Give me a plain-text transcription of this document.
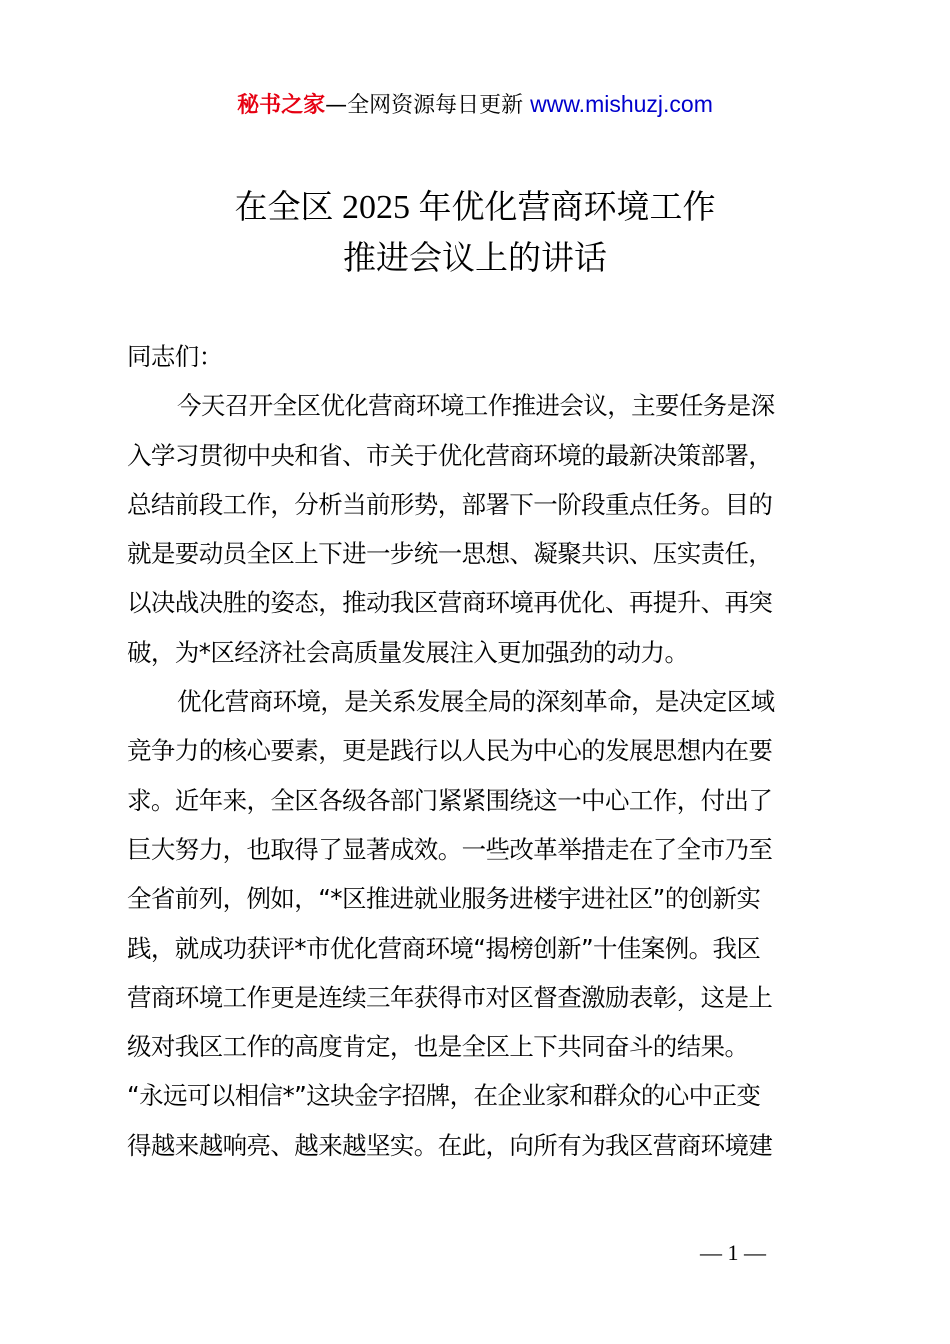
秘书之家—全网资源每日更新 www.mishuzj.com
在全区 2025 年优化营商环境工作
推进会议上的讲话
同志们：
今天召开全区优化营商环境工作推进会议，主要任务是深
入学习贯彻中央和省、市关于优化营商环境的最新决策部署，
总结前段工作，分析当前形势，部署下一阶段重点任务。目的
就是要动员全区上下进一步统一思想、凝聚共识、压实责任，
以决战决胜的姿态，推动我区营商环境再优化、再提升、再突
破，为*区经济社会高质量发展注入更加强劲的动力。
优化营商环境，是关系发展全局的深刻革命，是决定区域
竞争力的核心要素，更是践行以人民为中心的发展思想内在要
求。近年来，全区各级各部门紧紧围绕这一中心工作，付出了
巨大努力，也取得了显著成效。一些改革举措走在了全市乃至
全省前列，例如，“*区推进就业服务进楼宇进社区”的创新实
践，就成功获评*市优化营商环境“揭榜创新”十佳案例。我区
营商环境工作更是连续三年获得市对区督查激励表彰，这是上
级对我区工作的高度肯定，也是全区上下共同奋斗的结果。
“永远可以相信*”这块金字招牌，在企业家和群众的心中正变
得越来越响亮、越来越坚实。在此，向所有为我区营商环境建
— 1 —
